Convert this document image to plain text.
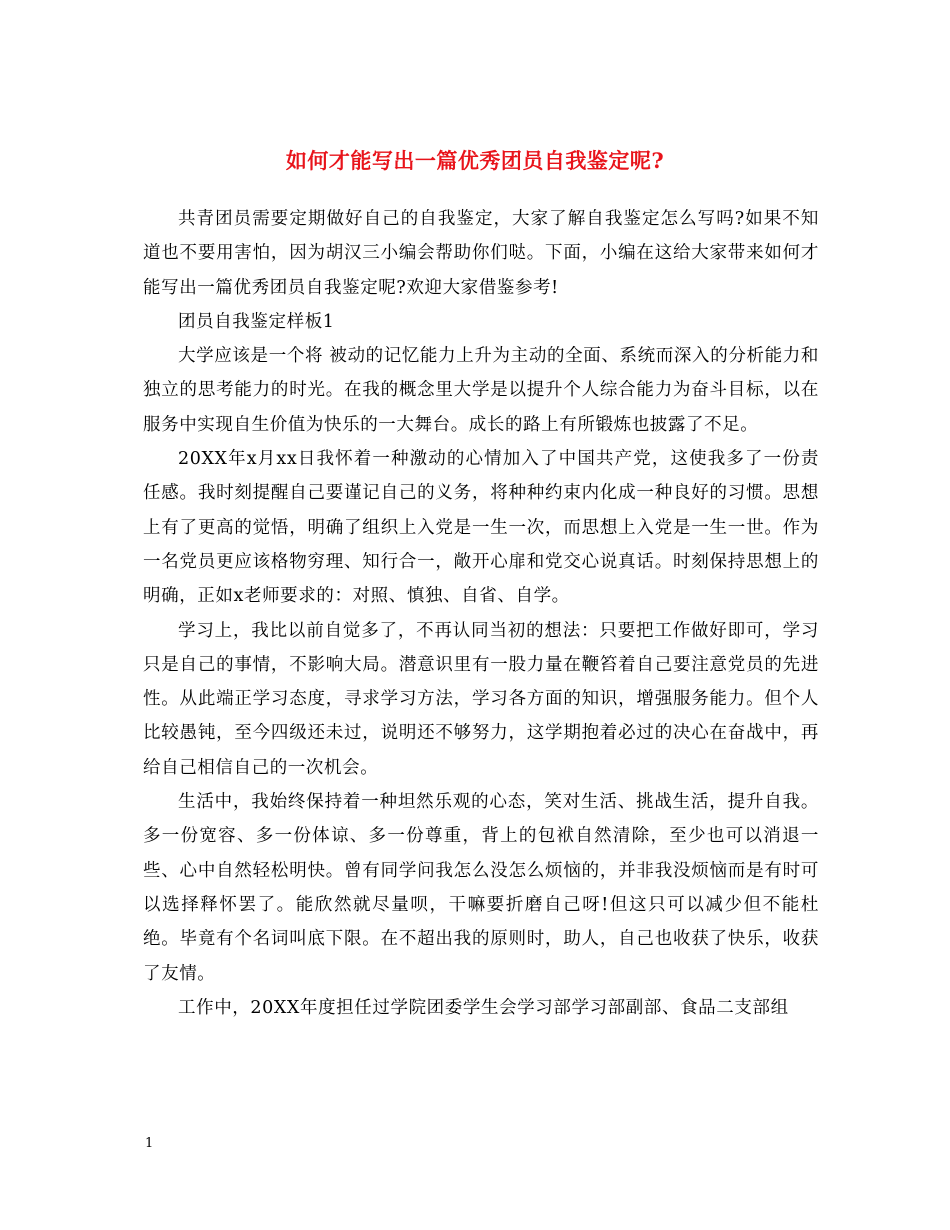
如何才能写出一篇优秀团员自我鉴定呢?

共青团员需要定期做好自己的自我鉴定，大家了解自我鉴定怎么写吗?如果不知道也不要用害怕，因为胡汉三小编会帮助你们哒。下面，小编在这给大家带来如何才能写出一篇优秀团员自我鉴定呢?欢迎大家借鉴参考!

团员自我鉴定样板1

大学应该是一个将 被动的记忆能力上升为主动的全面、系统而深入的分析能力和独立的思考能力的时光。在我的概念里大学是以提升个人综合能力为奋斗目标，以在服务中实现自生价值为快乐的一大舞台。成长的路上有所锻炼也披露了不足。

20XX年x月xx日我怀着一种激动的心情加入了中国共产党，这使我多了一份责任感。我时刻提醒自己要谨记自己的义务，将种种约束内化成一种良好的习惯。思想上有了更高的觉悟，明确了组织上入党是一生一次，而思想上入党是一生一世。作为一名党员更应该格物穷理、知行合一，敞开心扉和党交心说真话。时刻保持思想上的明确，正如x老师要求的：对照、慎独、自省、自学。

学习上，我比以前自觉多了，不再认同当初的想法：只要把工作做好即可，学习只是自己的事情，不影响大局。潜意识里有一股力量在鞭笞着自己要注意党员的先进性。从此端正学习态度，寻求学习方法，学习各方面的知识，增强服务能力。但个人比较愚钝，至今四级还未过，说明还不够努力，这学期抱着必过的决心在奋战中，再给自己相信自己的一次机会。

生活中，我始终保持着一种坦然乐观的心态，笑对生活、挑战生活，提升自我。多一份宽容、多一份体谅、多一份尊重，背上的包袱自然清除，至少也可以消退一些、心中自然轻松明快。曾有同学问我怎么没怎么烦恼的，并非我没烦恼而是有时可以选择释怀罢了。能欣然就尽量呗，干嘛要折磨自己呀!但这只可以减少但不能杜绝。毕竟有个名词叫底下限。在不超出我的原则时，助人，自己也收获了快乐，收获了友情。

工作中，20XX年度担任过学院团委学生会学习部学习部副部、食品二支部组

1
